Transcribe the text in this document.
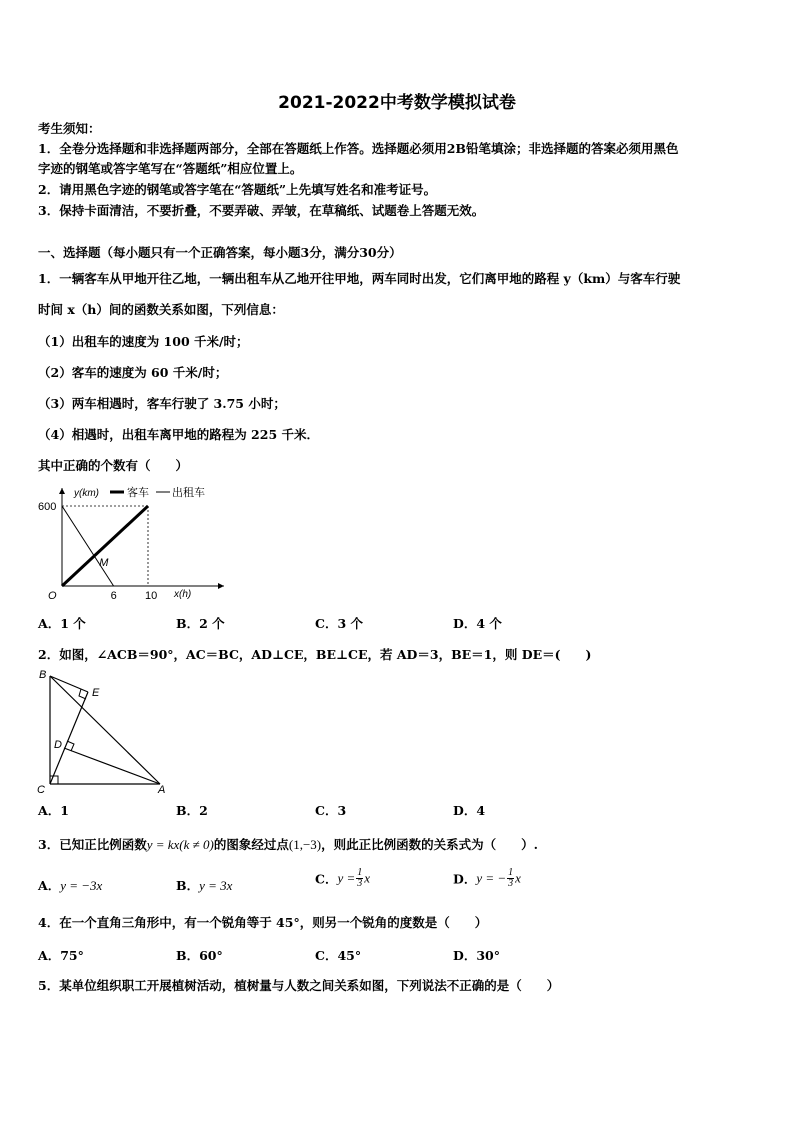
2021-2022中考数学模拟试卷
考生须知：
1．全卷分选择题和非选择题两部分，全部在答题纸上作答。选择题必须用2B铅笔填涂；非选择题的答案必须用黑色
字迹的钢笔或答字笔写在“答题纸”相应位置上。
2．请用黑色字迹的钢笔或答字笔在“答题纸”上先填写姓名和准考证号。
3．保持卡面清洁，不要折叠，不要弄破、弄皱，在草稿纸、试题卷上答题无效。
一、选择题（每小题只有一个正确答案，每小题3分，满分30分）
1．一辆客车从甲地开往乙地，一辆出租车从乙地开往甲地，两车同时出发，它们离甲地的路程 y（km）与客车行驶
时间 x（h）间的函数关系如图，下列信息：
（1）出租车的速度为 100 千米/时；
（2）客车的速度为 60 千米/时；
（3）两车相遇时，客车行驶了 3.75 小时；
（4）相遇时，出租车离甲地的路程为 225 千米．
其中正确的个数有（　　）
y(km)
x(h)
O
客车 出租车
600
6	10
M
A．1 个	B．2 个	C．3 个	D．4 个
2．如图，∠ACB＝90°，AC＝BC，AD⊥CE，BE⊥CE，若 AD＝3，BE＝1，则 DE＝(　　)
B
E
D
C	A
A．1	B．2	C．3	D．4
3．已知正比例函数y = kx(k ≠ 0)的图象经过点(1,−3)，则此正比例函数的关系式为（　　）.
A．y = −3x	B．y = 3x	C．$y = \frac{1}{3}$ x	D．y = − $\frac{1}{3}$ x
4．在一个直角三角形中，有一个锐角等于 45°，则另一个锐角的度数是（　　）
A．75°	B．60°	C．45°	D．30°
5．某单位组织职工开展植树活动，植树量与人数之间关系如图，下列说法不正确的是（　　）
